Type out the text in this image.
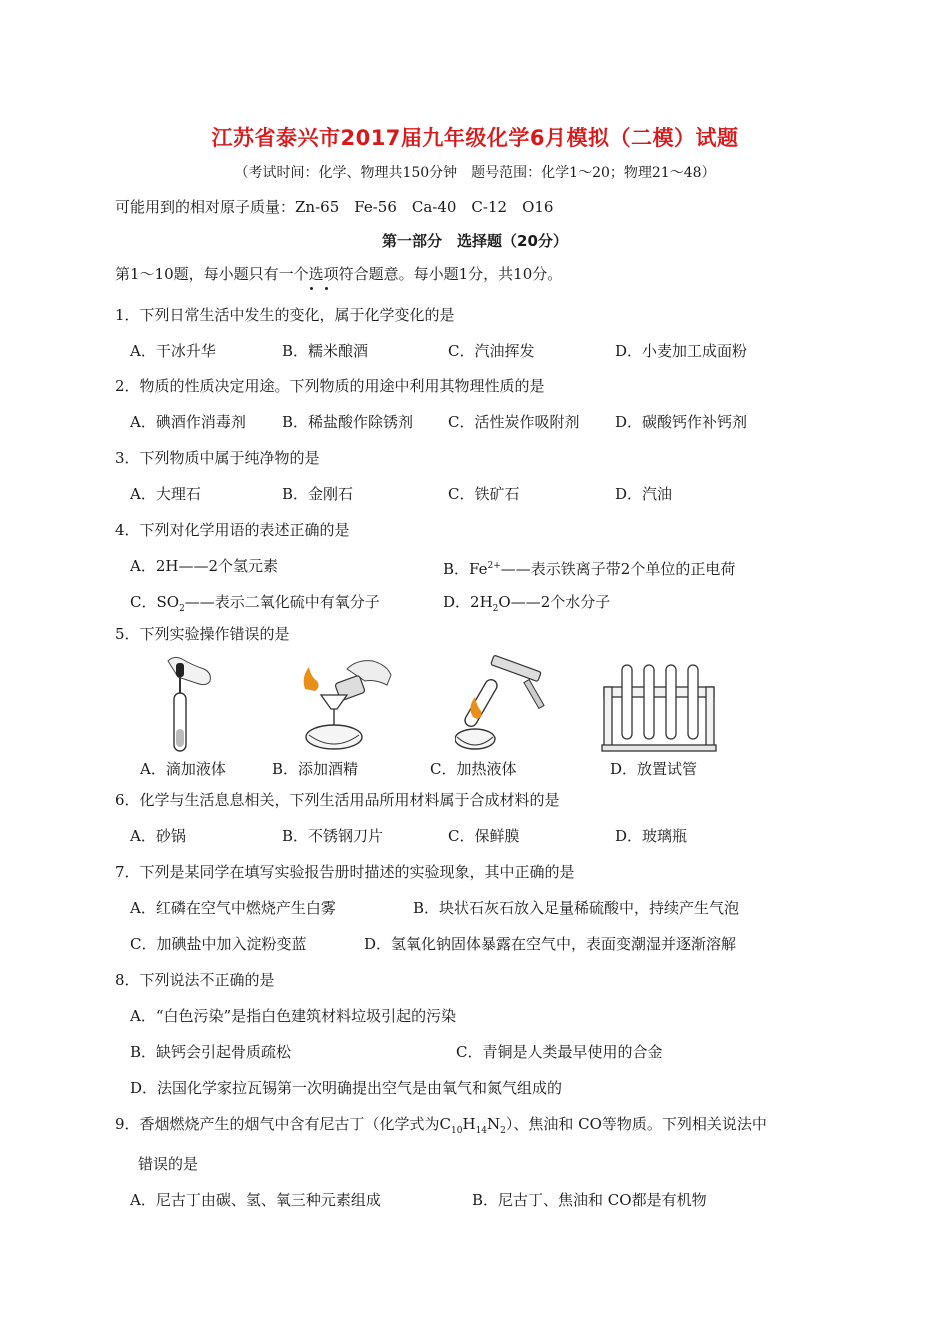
江苏省泰兴市2017届九年级化学6月模拟（二模）试题
（考试时间：化学、物理共150分钟　题号范围：化学1～20；物理21～48）
可能用到的相对原子质量：Zn-65　Fe-56　Ca-40　C-12　O16
第一部分　选择题（20分）
第1～10题，每小题只有一个选项符合题意。每小题1分，共10分。
1．下列日常生活中发生的变化，属于化学变化的是
A．干冰升华	B．糯米酿酒	C．汽油挥发	D．小麦加工成面粉
2．物质的性质决定用途。下列物质的用途中利用其物理性质的是
A．碘酒作消毒剂 B．稀盐酸作除锈剂 C．活性炭作吸附剂 D．碳酸钙作补钙剂
3．下列物质中属于纯净物的是
A．大理石	B．金刚石	C．铁矿石	D．汽油
4．下列对化学用语的表述正确的是
A．2H——2个氢元素	B．$Fe^{2+}——$表示铁离子带2个单位的正电荷
C．$SO_2——$表示二氧化硫中有氧分子	D．$2H_2O——2$个水分子
5．下列实验操作错误的是
A．滴加液体	B．添加酒精	C．加热液体	D．放置试管
6．化学与生活息息相关，下列生活用品所用材料属于合成材料的是
A．砂锅	B．不锈钢刀片	C．保鲜膜	D．玻璃瓶
7．下列是某同学在填写实验报告册时描述的实验现象，其中正确的是
A．红磷在空气中燃烧产生白雾	B．块状石灰石放入足量稀硫酸中，持续产生气泡
C．加碘盐中加入淀粉变蓝	D．氢氧化钠固体暴露在空气中，表面变潮湿并逐渐溶解
8．下列说法不正确的是
A．“白色污染”是指白色建筑材料垃圾引起的污染
B．缺钙会引起骨质疏松	C．青铜是人类最早使用的合金
D．法国化学家拉瓦锡第一次明确提出空气是由氧气和氮气组成的
9．香烟燃烧产生的烟气中含有尼古丁（化学式为$C_{10}H_{14}N_2$）、焦油和 CO等物质。下列相关说法中
错误的是
A．尼古丁由碳、氢、氧三种元素组成	B．尼古丁、焦油和 CO都是有机物
